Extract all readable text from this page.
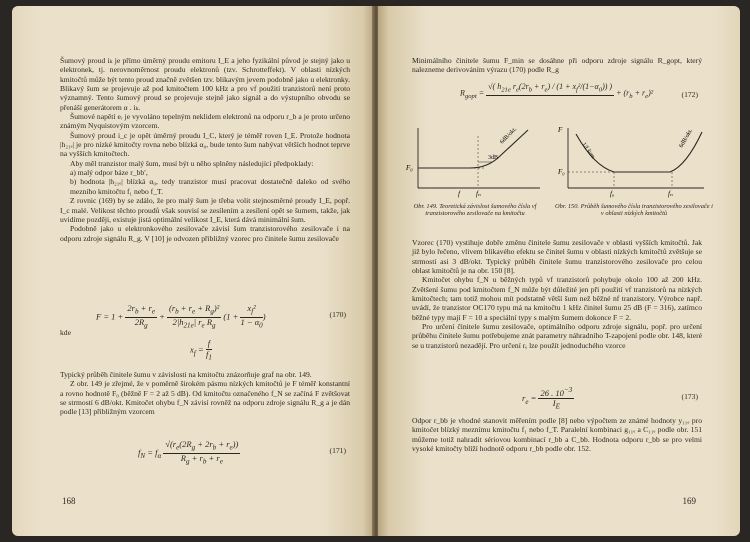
Šumový proud iₖ je přímo úměrný proudu emitoru I_E a jeho fyzikální původ je stejný jako u elektronek, tj. nerovnoměrnost proudu elektronů (tzv. Schrotteffekt). V oblasti nízkých kmitočtů může být tento proud značně zvětšen tzv. blikavým jevem podobně jako u elektronky. Blikavý šum se projevuje až pod kmitočtem 100 kHz a pro vf použití tranzistorů není proto významný. Tento šumový proud se projevuje stejně jako signál a do výstupního obvodu se přenáší generátorem α . iₖ.

Šumové napětí eᵣ je vyvoláno tepelným neklidem elektronů na odporu r_b a je proto určeno známým Nyquistovým vzorcem.

Šumový proud i_c je opět úměrný proudu I_C, který je téměř roven I_E. Protože hodnota |h₂₁ₑ| je pro nízké kmitočty rovna nebo blízká α₀, bude tento šum nabývat větších hodnot teprve na vyšších kmitočtech.

Aby měl tranzistor malý šum, musí být u něho splněny následující předpoklady:

a) malý odpor báze r_bb′,

b) hodnota |h₂₁ₑ| blízká α₀, tedy tranzistor musí pracovat dostatečně daleko od svého mezního kmitočtu f₁ nebo f_T.

Z rovnic (169) by se zdálo, že pro malý šum je třeba volit stejnosměrné proudy I_E, popř. I_c malé. Velikost těchto proudů však souvisí se zesílením a zesílení opět se šumem, takže, jak uvidíme později, existuje jistá optimální velikost I_E, která dává minimální šum.

Podobně jako u elektronkového zesilovače závisí šum tranzistorového zesilovače i na odporu zdroje signálu R_g. V [10] je odvozen přibližný vzorec pro činitele šumu zesilovače

$F = 1 + \frac{2r_b + r_e}{2R_g} + \frac{(r_b + r_e + R_g)^2}{2|h_{21e}| r_e R_g} (1 + \frac{x_f^2}{1 - \alpha_0}$ )	(170)

kde

$x_f = \frac{f}{f_1}$

Typický průběh činitele šumu v závislosti na kmitočtu znázorňuje graf na obr. 149.

Z obr. 149 je zřejmé, že v poměrně širokém pásmu nízkých kmitočtů je F téměř konstantní a rovno hodnotě F₀ (běžně F = 2 až 5 dB). Od kmitočtu označeného f_N se začíná F zvětšovat se strmostí 6 dB/okt. Kmitočet ohybu f_N závisí rovněž na odporu zdroje signálu R_g a je dán podle [13] přibližným vzorcem

$f_N = f_\alpha \frac{√(r_e(2R_g + 2r_b + r_e))}{R_g + r_b + r_e}$	(171)
168

Minimálního činitele šumu F_min se dosáhne při odporu zdroje signálu R_gopt, který nalezneme derivováním výrazu (170) podle R_g

$R_{gopt}$ =
√( $h_{21e}$ $r_e(2r_b + r_e) / (1 + x_f^2/(1-\alpha_0))$ )

+ $(r_b + r_e)^2$	(172)
F₀
3dB
6dB/okt.
fₙ
f
Obr. 149. Teoretická závislost šumového čísla vf tranzistorového zesilovače na kmitočtu
F₀
1/f šum
6dB/okt.
fₐ	fₙ
F
Obr. 150. Průběh šumového čísla tranzistorového zesilovače i v oblasti nízkých kmitočtů

Vzorec (170) vystihuje dobře změnu činitele šumu zesilovače v oblasti vyšších kmitočtů. Jak již bylo řečeno, vlivem blikavého efektu se činitel šumu v oblasti nízkých kmitočtů zvětšuje se strmostí asi 3 dB/okt. Typický průběh činitele šumu tranzistorového zesilovače pro celou oblast kmitočtů je na obr. 150 [8].

Kmitočet ohybu f_N u běžných typů vf tranzistorů pohybuje okolo 100 až 200 kHz. Zvětšení šumu pod kmitočtem f_N může být důležité jen při použití vf tranzistorů na nízkých kmitočtech; tam totiž mohou mít podstatně větší šum než běžné nf tranzistory. Výrobce např. uvádí, že tranzistor OC170 typu má na kmitočtu 1 kHz činitel šumu 25 dB (F = 316), zatímco běžné typy mají F = 10 a speciální typy s malým šumem dokonce F = 2.

Pro určení činitele šumu zesilovače, optimálního odporu zdroje signálu, popř. pro určení průběhu činitele šumu potřebujeme znát parametry náhradního T-zapojení podle obr. 148, které se u tranzistorů nezadějí. Pro určení rₑ lze použít jednoduchého vzorce

$r_e = \frac{26 . 10^{-3}}{I_E}$	(173)

Odpor r_bb je vhodné stanovit měřením podle [8] nebo výpočtem ze známé hodnoty y₁₁ₑ pro kmitočet blízký meznímu kmitočtu f₁ nebo f_T. Paralelní kombinaci g₁₁ₑ a C₁₁ₑ podle obr. 151 můžeme totiž nahradit sériovou kombinací r_bb a C_bb. Hodnota odporu r_bb se pro velmi vysoké kmitočty blíží hodnotě odporu r_bb podle obr. 152.

169
